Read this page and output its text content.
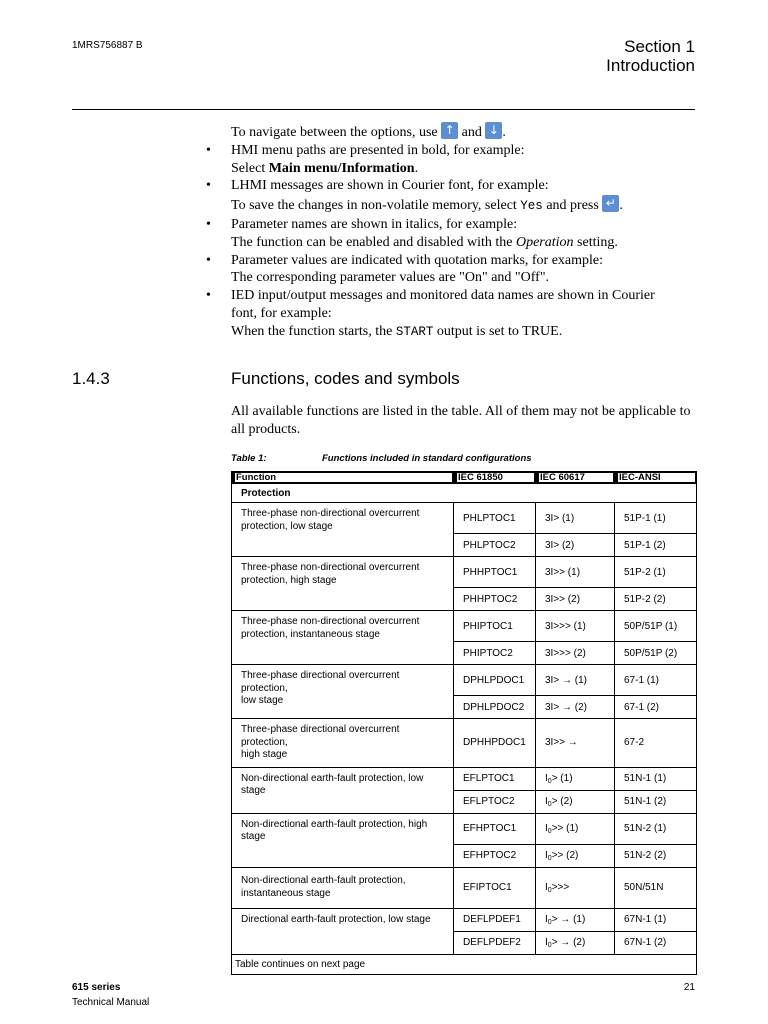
1MRS756887 B	Section 1
Introduction
To navigate between the options, use ↑ and ↓ .
• HMI menu paths are presented in bold, for example:
Select Main menu/Information.
• LHMI messages are shown in Courier font, for example:
To save the changes in non-volatile memory, select Yes and press ↵ .
• Parameter names are shown in italics, for example:
The function can be enabled and disabled with the Operation setting.
• Parameter values are indicated with quotation marks, for example:
The corresponding parameter values are "On" and "Off".
• IED input/output messages and monitored data names are shown in Courier
font, for example:
When the function starts, the START output is set to TRUE.
1.4.3	Functions, codes and symbols
All available functions are listed in the table. All of them may not be applicable to
all products.
Table 1:	Functions included in standard configurations
Function	IEC 61850	IEC 60617	IEC-ANSI

Protection			

Three-phase non-directional overcurrent
protection, low stage	PHLPTOC1	3I> (1)	51P-1 (1)
	PHLPTOC2	3I> (2)	51P-1 (2)

Three-phase non-directional overcurrent
protection, high stage	PHHPTOC1	3I>> (1)	51P-2 (1)
	PHHPTOC2	3I>> (2)	51P-2 (2)

Three-phase non-directional overcurrent
protection, instantaneous stage	PHIPTOC1	3I>>> (1)	50P/51P (1)
	PHIPTOC2	3I>>> (2)	50P/51P (2)

Three-phase directional overcurrent protection,
low stage	DPHLPDOC1	3I> → (1)	67-1 (1)
	DPHLPDOC2	3I> → (2)	67-1 (2)

Three-phase directional overcurrent protection,
high stage	DPHHPDOC1	3I>> →	67-2

Non-directional earth-fault protection, low stage	EFLPTOC1	$I_0> (1)$	51N-1 (1)
	EFLPTOC2	$I_0> (2)$	51N-1 (2)

Non-directional earth-fault protection, high
stage	EFHPTOC1	$I_0>> (1)$	51N-2 (1)
	EFHPTOC2	$I_0>> (2)$	51N-2 (2)

Non-directional earth-fault protection,
instantaneous stage	EFIPTOC1	$I_0>>>$	50N/51N

Directional earth-fault protection, low stage	DEFLPDEF1	$I_0> \to (1)$	67N-1 (1)
	DEFLPDEF2	$I_0> \to (2)$	67N-1 (2)
Table continues on next page			
615 series
Technical Manual
21
